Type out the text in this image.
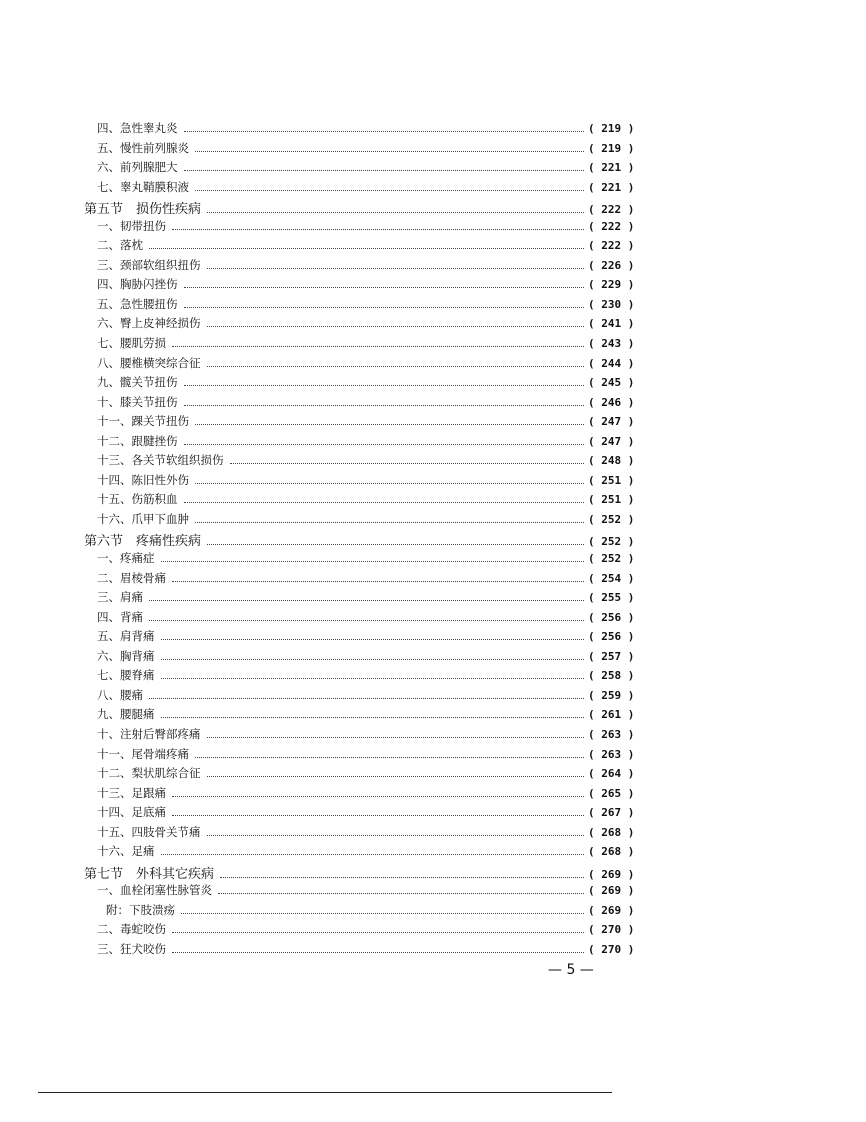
四、急性睾丸炎	( 219 )
五、慢性前列腺炎	( 219 )
六、前列腺肥大	( 221 )
七、睾丸鞘膜积液	( 221 )
第五节　损伤性疾病	( 222 )
一、韧带扭伤	( 222 )
二、落枕	( 222 )
三、颈部软组织扭伤	( 226 )
四、胸胁闪挫伤	( 229 )
五、急性腰扭伤	( 230 )
六、臀上皮神经损伤	( 241 )
七、腰肌劳损	( 243 )
八、腰椎横突综合征	( 244 )
九、髋关节扭伤	( 245 )
十、膝关节扭伤	( 246 )
十一、踝关节扭伤	( 247 )
十二、跟腱挫伤	( 247 )
十三、各关节软组织损伤	( 248 )
十四、陈旧性外伤	( 251 )
十五、伤筋积血	( 251 )
十六、爪甲下血肿	( 252 )
第六节　疼痛性疾病	( 252 )
一、疼痛症	( 252 )
二、眉棱骨痛	( 254 )
三、肩痛	( 255 )
四、背痛	( 256 )
五、肩背痛	( 256 )
六、胸背痛	( 257 )
七、腰脊痛	( 258 )
八、腰痛	( 259 )
九、腰腿痛	( 261 )
十、注射后臀部疼痛	( 263 )
十一、尾骨端疼痛	( 263 )
十二、梨状肌综合征	( 264 )
十三、足跟痛	( 265 )
十四、足底痛	( 267 )
十五、四肢骨关节痛	( 268 )
十六、足痛	( 268 )
第七节　外科其它疾病	( 269 )
一、血栓闭塞性脉管炎	( 269 )
附：下肢溃疡	( 269 )
二、毒蛇咬伤	( 270 )
三、狂犬咬伤	( 270 )
— 5 —
